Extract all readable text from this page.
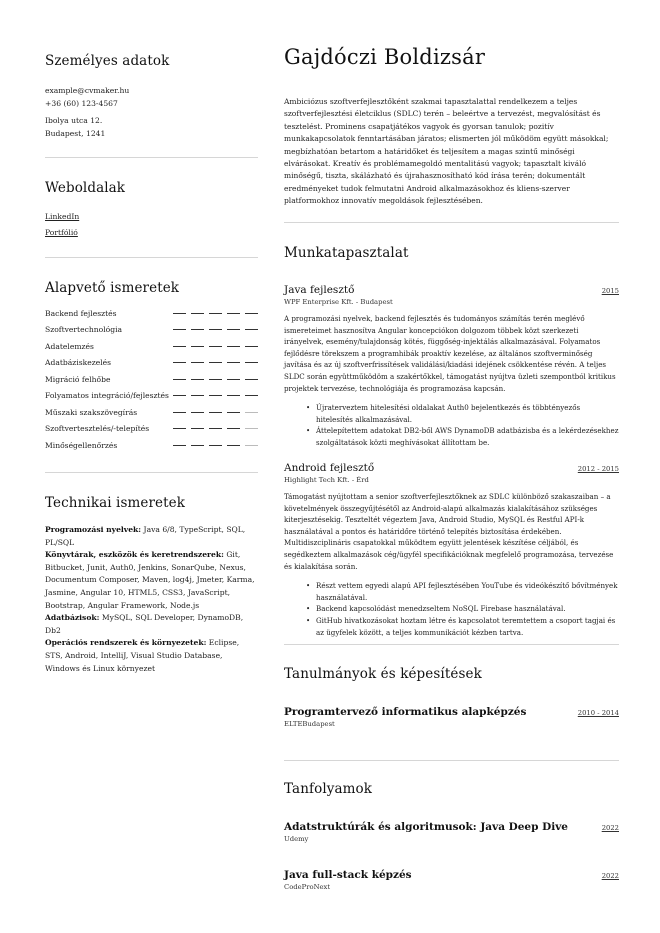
Személyes adatok
example@cvmaker.hu
+36 (60) 123-4567
Ibolya utca 12.
Budapest, 1241
Weboldalak
LinkedIn
Portfólió
Alapvető ismeretek
Backend fejlesztés
Szoftvertechnológia
Adatelemzés
Adatbáziskezelés
Migráció felhőbe
Folyamatos integráció/fejlesztés
Műszaki szakszövegírás
Szoftvertesztelés/-telepítés
Minőségellenőrzés
Technikai ismeretek
Programozási nyelvek: Java 6/8, TypeScript, SQL, PL/SQL
Könyvtárak, eszközök és keretrendszerek: Git, Bitbucket, Junit, Auth0, Jenkins, SonarQube, Nexus, Documentum Composer, Maven, log4j, Jmeter, Karma, Jasmine, Angular 10, HTML5, CSS3, JavaScript, Bootstrap, Angular Framework, Node.js
Adatbázisok: MySQL, SQL Developer, DynamoDB, Db2
Operációs rendszerek és környezetek: Eclipse, STS, Android, IntelliJ, Visual Studio Database, Windows és Linux környezet
Gajdóczi Boldizsár
Ambiciózus szoftverfejlesztőként szakmai tapasztalattal rendelkezem a teljes szoftverfejlesztési életciklus (SDLC) terén – beleértve a tervezést, megvalósítást és tesztelést. Prominens csapatjátékos vagyok és gyorsan tanulok; pozitív munkakapcsolatok fenntartásában járatos; elismerten jól működöm együtt másokkal; megbízhatóan betartom a határidőket és teljesítem a magas szintű minőségi elvárásokat. Kreatív és problémamegoldó mentalitású vagyok; tapasztalt kiváló minőségű, tiszta, skálázható és újrahasznosítható kód írása terén; dokumentált eredményeket tudok felmutatni Android alkalmazásokhoz és kliens-szerver platformokhoz innovatív megoldások fejlesztésében.
Munkatapasztalat
Java fejlesztő	2015
WPF Enterprise Kft. - Budapest
A programozási nyelvek, backend fejlesztés és tudományos számítás terén meglévő ismereteimet hasznosítva Angular koncepciókon dolgozom többek közt szerkezeti irányelvek, esemény/tulajdonság kötés, függőség-injektálás alkalmazásával. Folyamatos fejlődésre törekszem a programhibák proaktív kezelése, az általános szoftverminőség javítása és az új szoftverfrissítések validálási/kiadási idejének csökkentése révén. A teljes SLDC során együttműködöm a szakértőkkel, támogatást nyújtva üzleti szempontból kritikus projektek tervezése, technológiája és programozása kapcsán.
• Újraterveztem hitelesítési oldalakat Auth0 bejelentkezés és többtényezős hitelesítés alkalmazásával.
• Áttelepítettem adatokat DB2-ből AWS DynamoDB adatbázisba és a lekérdezésekhez szolgáltatások közti meghívásokat állítottam be.
Android fejlesztő	2012 - 2015
Highlight Tech Kft. - Érd
Támogatást nyújtottam a senior szoftverfejlesztőknek az SDLC különböző szakaszaiban – a követelmények összegyűjtésétől az Android-alapú alkalmazás kialakításához szükséges kiterjesztésekig. Teszteltét végeztem Java, Android Studio, MySQL és Restful API-k használatával a pontos és határidőre történő telepítés biztosítása érdekében. Multidiszciplináris csapatokkal működtem együtt jelentések készítése céljából, és segédkeztem alkalmazások cég/ügyfél specifikációknak megfelelő programozása, tervezése és kialakítása során.
• Részt vettem egyedi alapú API fejlesztésében YouTube és videókészítő bővítmények használatával.
• Backend kapcsolódást menedzseltem NoSQL Firebase használatával.
• GitHub hivatkozásokat hoztam létre és kapcsolatot teremtettem a csoport tagjai és az ügyfelek között, a teljes kommunikációt kézben tartva.
Tanulmányok és képesítések
Programtervező informatikus alapképzés	2010 - 2014
ELTEBudapest
Tanfolyamok
Adatstruktúrák és algoritmusok: Java Deep Dive	2022
Udemy
Java full-stack képzés	2022
CodeProNext
